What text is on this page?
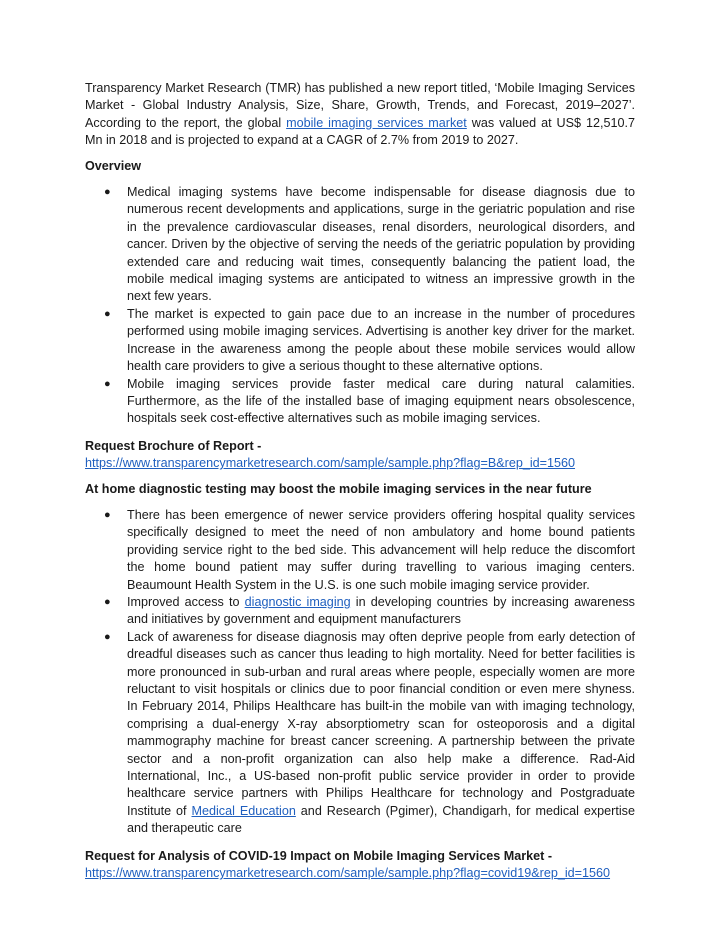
Transparency Market Research (TMR) has published a new report titled, ‘Mobile Imaging Services Market - Global Industry Analysis, Size, Share, Growth, Trends, and Forecast, 2019–2027’. According to the report, the global mobile imaging services market was valued at US$ 12,510.7 Mn in 2018 and is projected to expand at a CAGR of 2.7% from 2019 to 2027.

Overview

● Medical imaging systems have become indispensable for disease diagnosis due to numerous recent developments and applications, surge in the geriatric population and rise in the prevalence cardiovascular diseases, renal disorders, neurological disorders, and cancer. Driven by the objective of serving the needs of the geriatric population by providing extended care and reducing wait times, consequently balancing the patient load, the mobile medical imaging systems are anticipated to witness an impressive growth in the next few years.
● The market is expected to gain pace due to an increase in the number of procedures performed using mobile imaging services. Advertising is another key driver for the market. Increase in the awareness among the people about these mobile services would allow health care providers to give a serious thought to these alternative options.
● Mobile imaging services provide faster medical care during natural calamities. Furthermore, as the life of the installed base of imaging equipment nears obsolescence, hospitals seek cost-effective alternatives such as mobile imaging services.

Request Brochure of Report -

https://www.transparencymarketresearch.com/sample/sample.php?flag=B&rep_id=1560

At home diagnostic testing may boost the mobile imaging services in the near future

● There has been emergence of newer service providers offering hospital quality services specifically designed to meet the need of non ambulatory and home bound patients providing service right to the bed side. This advancement will help reduce the discomfort the home bound patient may suffer during travelling to various imaging centers. Beaumount Health System in the U.S. is one such mobile imaging service provider.
● Improved access to diagnostic imaging in developing countries by increasing awareness and initiatives by government and equipment manufacturers
● Lack of awareness for disease diagnosis may often deprive people from early detection of dreadful diseases such as cancer thus leading to high mortality. Need for better facilities is more pronounced in sub-urban and rural areas where people, especially women are more reluctant to visit hospitals or clinics due to poor financial condition or even mere shyness. In February 2014, Philips Healthcare has built-in the mobile van with imaging technology, comprising a dual-energy X-ray absorptiometry scan for osteoporosis and a digital mammography machine for breast cancer screening. A partnership between the private sector and a non-profit organization can also help make a difference. Rad-Aid International, Inc., a US-based non-profit public service provider in order to provide healthcare service partners with Philips Healthcare for technology and Postgraduate Institute of Medical Education and Research (Pgimer), Chandigarh, for medical expertise and therapeutic care

Request for Analysis of COVID-19 Impact on Mobile Imaging Services Market -

https://www.transparencymarketresearch.com/sample/sample.php?flag=covid19&rep_id=1560
